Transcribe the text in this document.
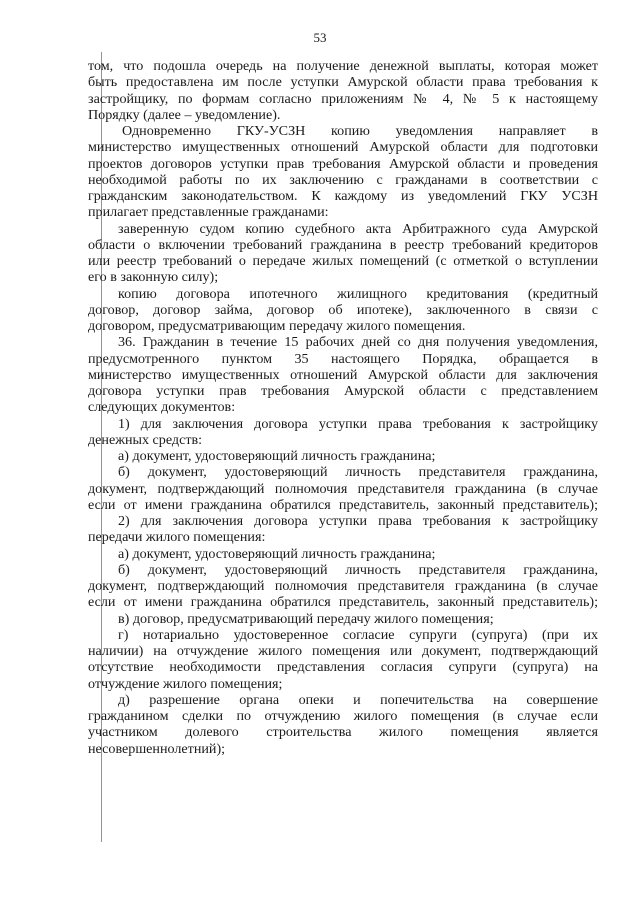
53
том, что подошла очередь на получение денежной выплаты, которая может
быть предоставлена им после уступки Амурской области права требования к
застройщику, по формам согласно приложениям № 4, № 5 к настоящему
Порядку (далее – уведомление).
Одновременно ГКУ-УСЗН копию уведомления направляет в
министерство имущественных отношений Амурской области для подготовки
проектов договоров уступки прав требования Амурской области и проведения
необходимой работы по их заключению с гражданами в соответствии с
гражданским законодательством. К каждому из уведомлений ГКУ УСЗН
прилагает представленные гражданами:
заверенную судом копию судебного акта Арбитражного суда Амурской
области о включении требований гражданина в реестр требований кредиторов
или реестр требований о передаче жилых помещений (с отметкой о вступлении
его в законную силу);
копию договора ипотечного жилищного кредитования (кредитный
договор, договор займа, договор об ипотеке), заключенного в связи с
договором, предусматривающим передачу жилого помещения.
36. Гражданин в течение 15 рабочих дней со дня получения уведомления,
предусмотренного пунктом 35 настоящего Порядка, обращается в
министерство имущественных отношений Амурской области для заключения
договора уступки прав требования Амурской области с представлением
следующих документов:
1) для заключения договора уступки права требования к застройщику
денежных средств:
а) документ, удостоверяющий личность гражданина;
б) документ, удостоверяющий личность представителя гражданина,
документ, подтверждающий полномочия представителя гражданина (в случае
если от имени гражданина обратился представитель, законный представитель);
2) для заключения договора уступки права требования к застройщику
передачи жилого помещения:
а) документ, удостоверяющий личность гражданина;
б) документ, удостоверяющий личность представителя гражданина,
документ, подтверждающий полномочия представителя гражданина (в случае
если от имени гражданина обратился представитель, законный представитель);
в) договор, предусматривающий передачу жилого помещения;
г) нотариально удостоверенное согласие супруги (супруга) (при их
наличии) на отчуждение жилого помещения или документ, подтверждающий
отсутствие необходимости представления согласия супруги (супруга) на
отчуждение жилого помещения;
д) разрешение органа опеки и попечительства на совершение
гражданином сделки по отчуждению жилого помещения (в случае если
участником долевого строительства жилого помещения является
несовершеннолетний);
